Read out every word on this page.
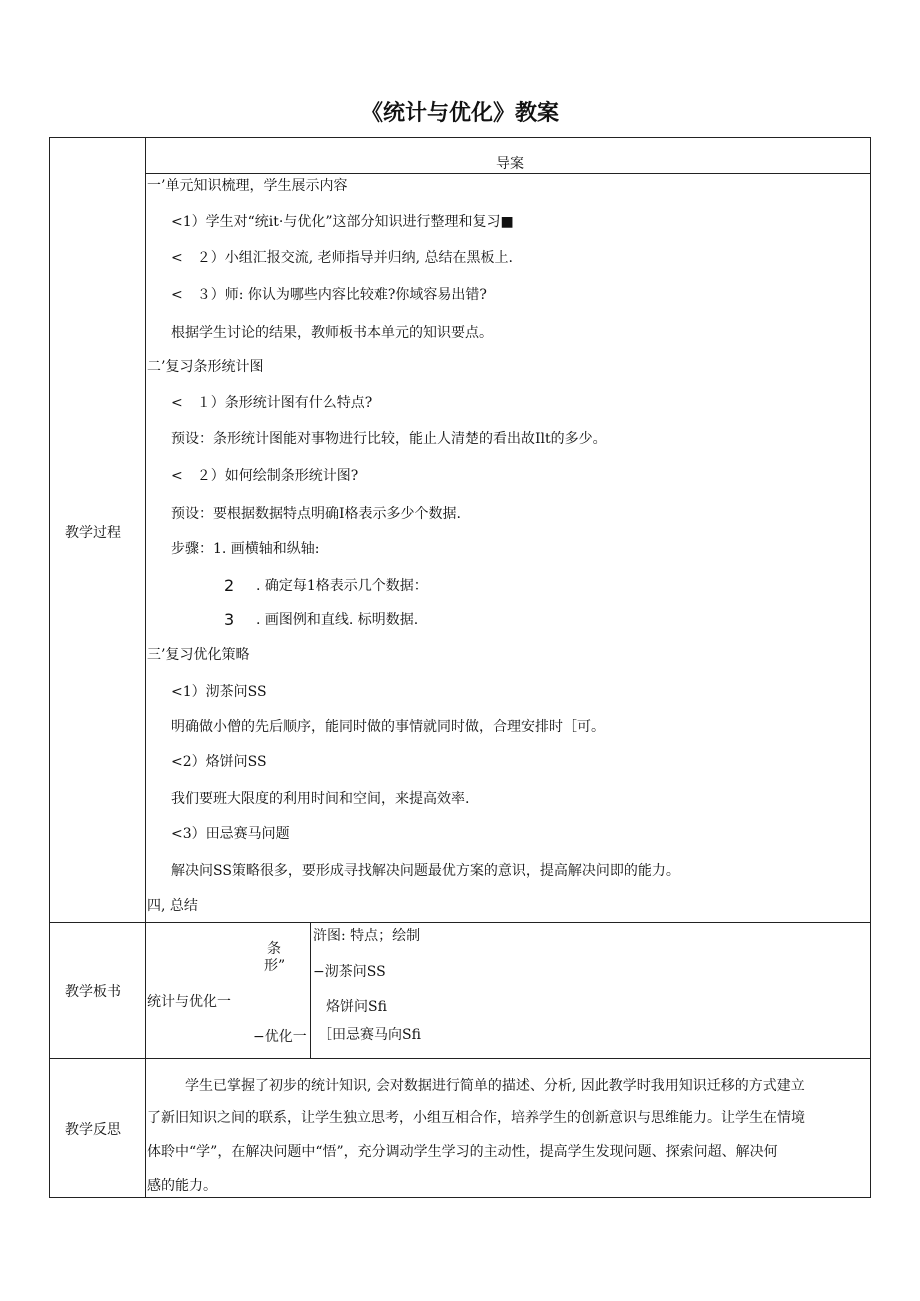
《统计与优化》教案
教学过程
教学板书
教学反思
导案
一’单元知识梳理，学生展示内容
<1）学生对“统it·与优化”这部分知识进行整理和复习■
<　２）小组汇报交流, 老师指导并归纳, 总结在黑板上.
<　３）师: 你认为哪些内容比较难?你域容易出错?
根据学生讨论的结果，教师板书本单元的知识要点。
二’复习条形统计图
<　１）条形统计图有什么特点?
预设：条形统计图能对事物进行比较，能止人清楚的看出故Ilt的多少。
<　２）如何绘制条形统计图?
预设：要根据数据特点明确I格表示多少个数据.
步骤：1. 画横轴和纵轴:
2 . 确定每1格表示几个数据：
3 . 画图例和直线. 标明数据.
三’复习优化策略
<1）沏茶问SS
明确做小僧的先后顺序，能同时做的事情就同时做，合理安排时［可。
<2）烙饼问SS
我们要班大限度的利用时间和空间，来提高效率.
<3）田忌赛马问题
解决问SS策略很多，要形成寻找解决问题最优方案的意识，提高解决问即的能力。
四, 总结
条
形”
统计与优化一
−优化一
浒图: 特点；绘制
−沏茶问SS
烙饼问Sfi
［田忌赛马向Sfi
学生已掌握了初步的统计知识, 会对数据进行简单的描述、分析, 因此教学时我用知识迁移的方式建立
了新旧知识之间的联系，让学生独立思考，小组互相合作，培养学生的创新意识与思维能力。让学生在情境
体聆中“学”，在解决问题中“悟”，充分调动学生学习的主动性，提高学生发现问题、探索问超、解决何
感的能力。
